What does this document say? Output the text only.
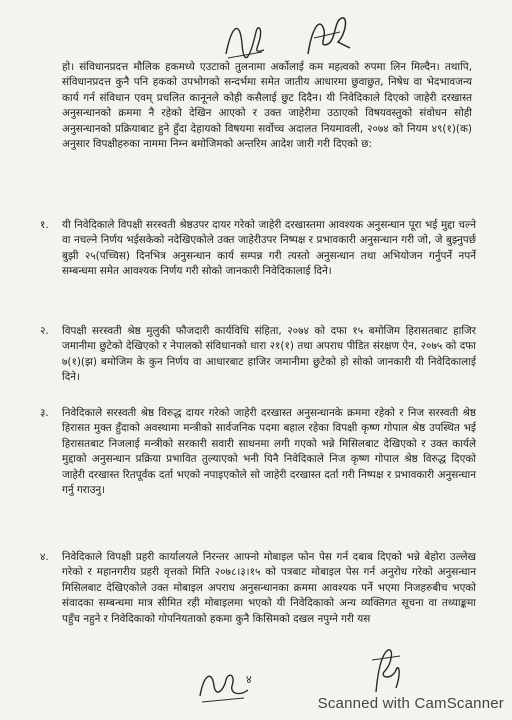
हो। संविधानप्रदत्त मौलिक हकमध्ये एउटाको तुलनामा अर्कोलाई कम महत्वको रुपमा लिन मिल्दैन। तथापि, संविधानप्रदत्त कुनै पनि हकको उपभोगको सन्दर्भमा समेत जातीय आधारमा छुवाछुत, निषेध वा भेदभावजन्य कार्य गर्न संविधान एवम् प्रचलित कानूनले कोही कसैलाई छुट दिदैन। यी निवेदिकाले दिएको जाहेरी दरखास्त अनुसन्धानको क्रममा नै रहेको देखिन आएको र उक्त जाहेरीमा उठाएको विषयवस्तुको संवोधन सोही अनुसन्धानको प्रक्रियाबाट हुने हुँदा देहायको विषयमा सर्वोच्च अदालत नियमावली, २०७४ को नियम ४९(१)(क) अनुसार विपक्षीहरुका नाममा निम्न बमोजिमको अन्तरिम आदेश जारी गरी दिएको छ:
१. यी निवेदिकाले विपक्षी सरस्वती श्रेष्ठउपर दायर गरेको जाहेरी दरखास्तमा आवश्यक अनुसन्धान पूरा भई मुद्दा चल्ने वा नचल्ने निर्णय भईसकेको नदेखिएकोले उक्त जाहेरीउपर निष्पक्ष र प्रभावकारी अनुसन्धान गरी जो, जे बुझ्नुपर्छ बुझी २५(पच्चिस) दिनभित्र अनुसन्धान कार्य सम्पन्न गरी त्यस्तो अनुसन्धान तथा अभियोजन गर्नुपर्ने नपर्ने सम्बन्धमा समेत आवश्यक निर्णय गरी सोको जानकारी निवेदिकालाई दिने।
२. विपक्षी सरस्वती श्रेष्ठ मुलुकी फौजदारी कार्यविधि संहिता, २०७४ को दफा १५ बमोजिम हिरासतबाट हाजिर जमानीमा छुटेको देखिएको र नेपालको संविधानको धारा २१(१) तथा अपराध पीडित संरक्षण ऐन, २०७५ को दफा ७(१)(झ) बमोजिम के कुन निर्णय वा आधारबाट हाजिर जमानीमा छुटेको हो सोको जानकारी यी निवेदिकालाई दिने।
३. निवेदिकाले सरस्वती श्रेष्ठ विरुद्ध दायर गरेको जाहेरी दरखास्त अनुसन्धानके क्रममा रहेको र निज सरस्वती श्रेष्ठ हिरासत मुक्त हुँदाको अवस्थामा मन्त्रीको सार्वजनिक पदमा बहाल रहेका विपक्षी कृष्ण गोपाल श्रेष्ठ उपस्थित भई हिरासतबाट निजलाई मन्त्रीको सरकारी सवारी साधनमा लगी गएको भन्ने मिसिलबाट देखिएको र उक्त कार्यले मुद्दाको अनुसन्धान प्रक्रिया प्रभावित तुल्याएको भनी यिनै निवेदिकाले निज कृष्ण गोपाल श्रेष्ठ विरुद्ध दिएको जाहेरी दरखास्त रितपूर्वक दर्ता भएको नपाइएकोले सो जाहेरी दरखास्त दर्ता गरी निष्पक्ष र प्रभावकारी अनुसन्धान गर्नु गराउनु।
४. निवेदिकाले विपक्षी प्रहरी कार्यालयले निरन्तर आफ्नो मोबाइल फोन पेस गर्न दबाब दिएको भन्ने बेहोरा उल्लेख गरेको र महानगरीय प्रहरी वृत्तको मिति २०७८।३।१५ को पत्रबाट मोबाइल पेस गर्न अनुरोध गरेको अनुसन्धान मिसिलबाट देखिएकोले उक्त मोबाइल अपराध अनुसन्धानका क्रममा आवश्यक पर्ने भएमा निजहरुबीच भएको संवादका सम्बन्धमा मात्र सीमित रही मोबाइलमा भएको यी निवेदिकाको अन्य व्यक्तिगत सूचना वा तथ्याङ्कमा पहुँच नहुने र निवेदिकाको गोपनियताको हकमा कुनै किसिमको दखल नपुग्ने गरी यस
४
Scanned with CamScanner
